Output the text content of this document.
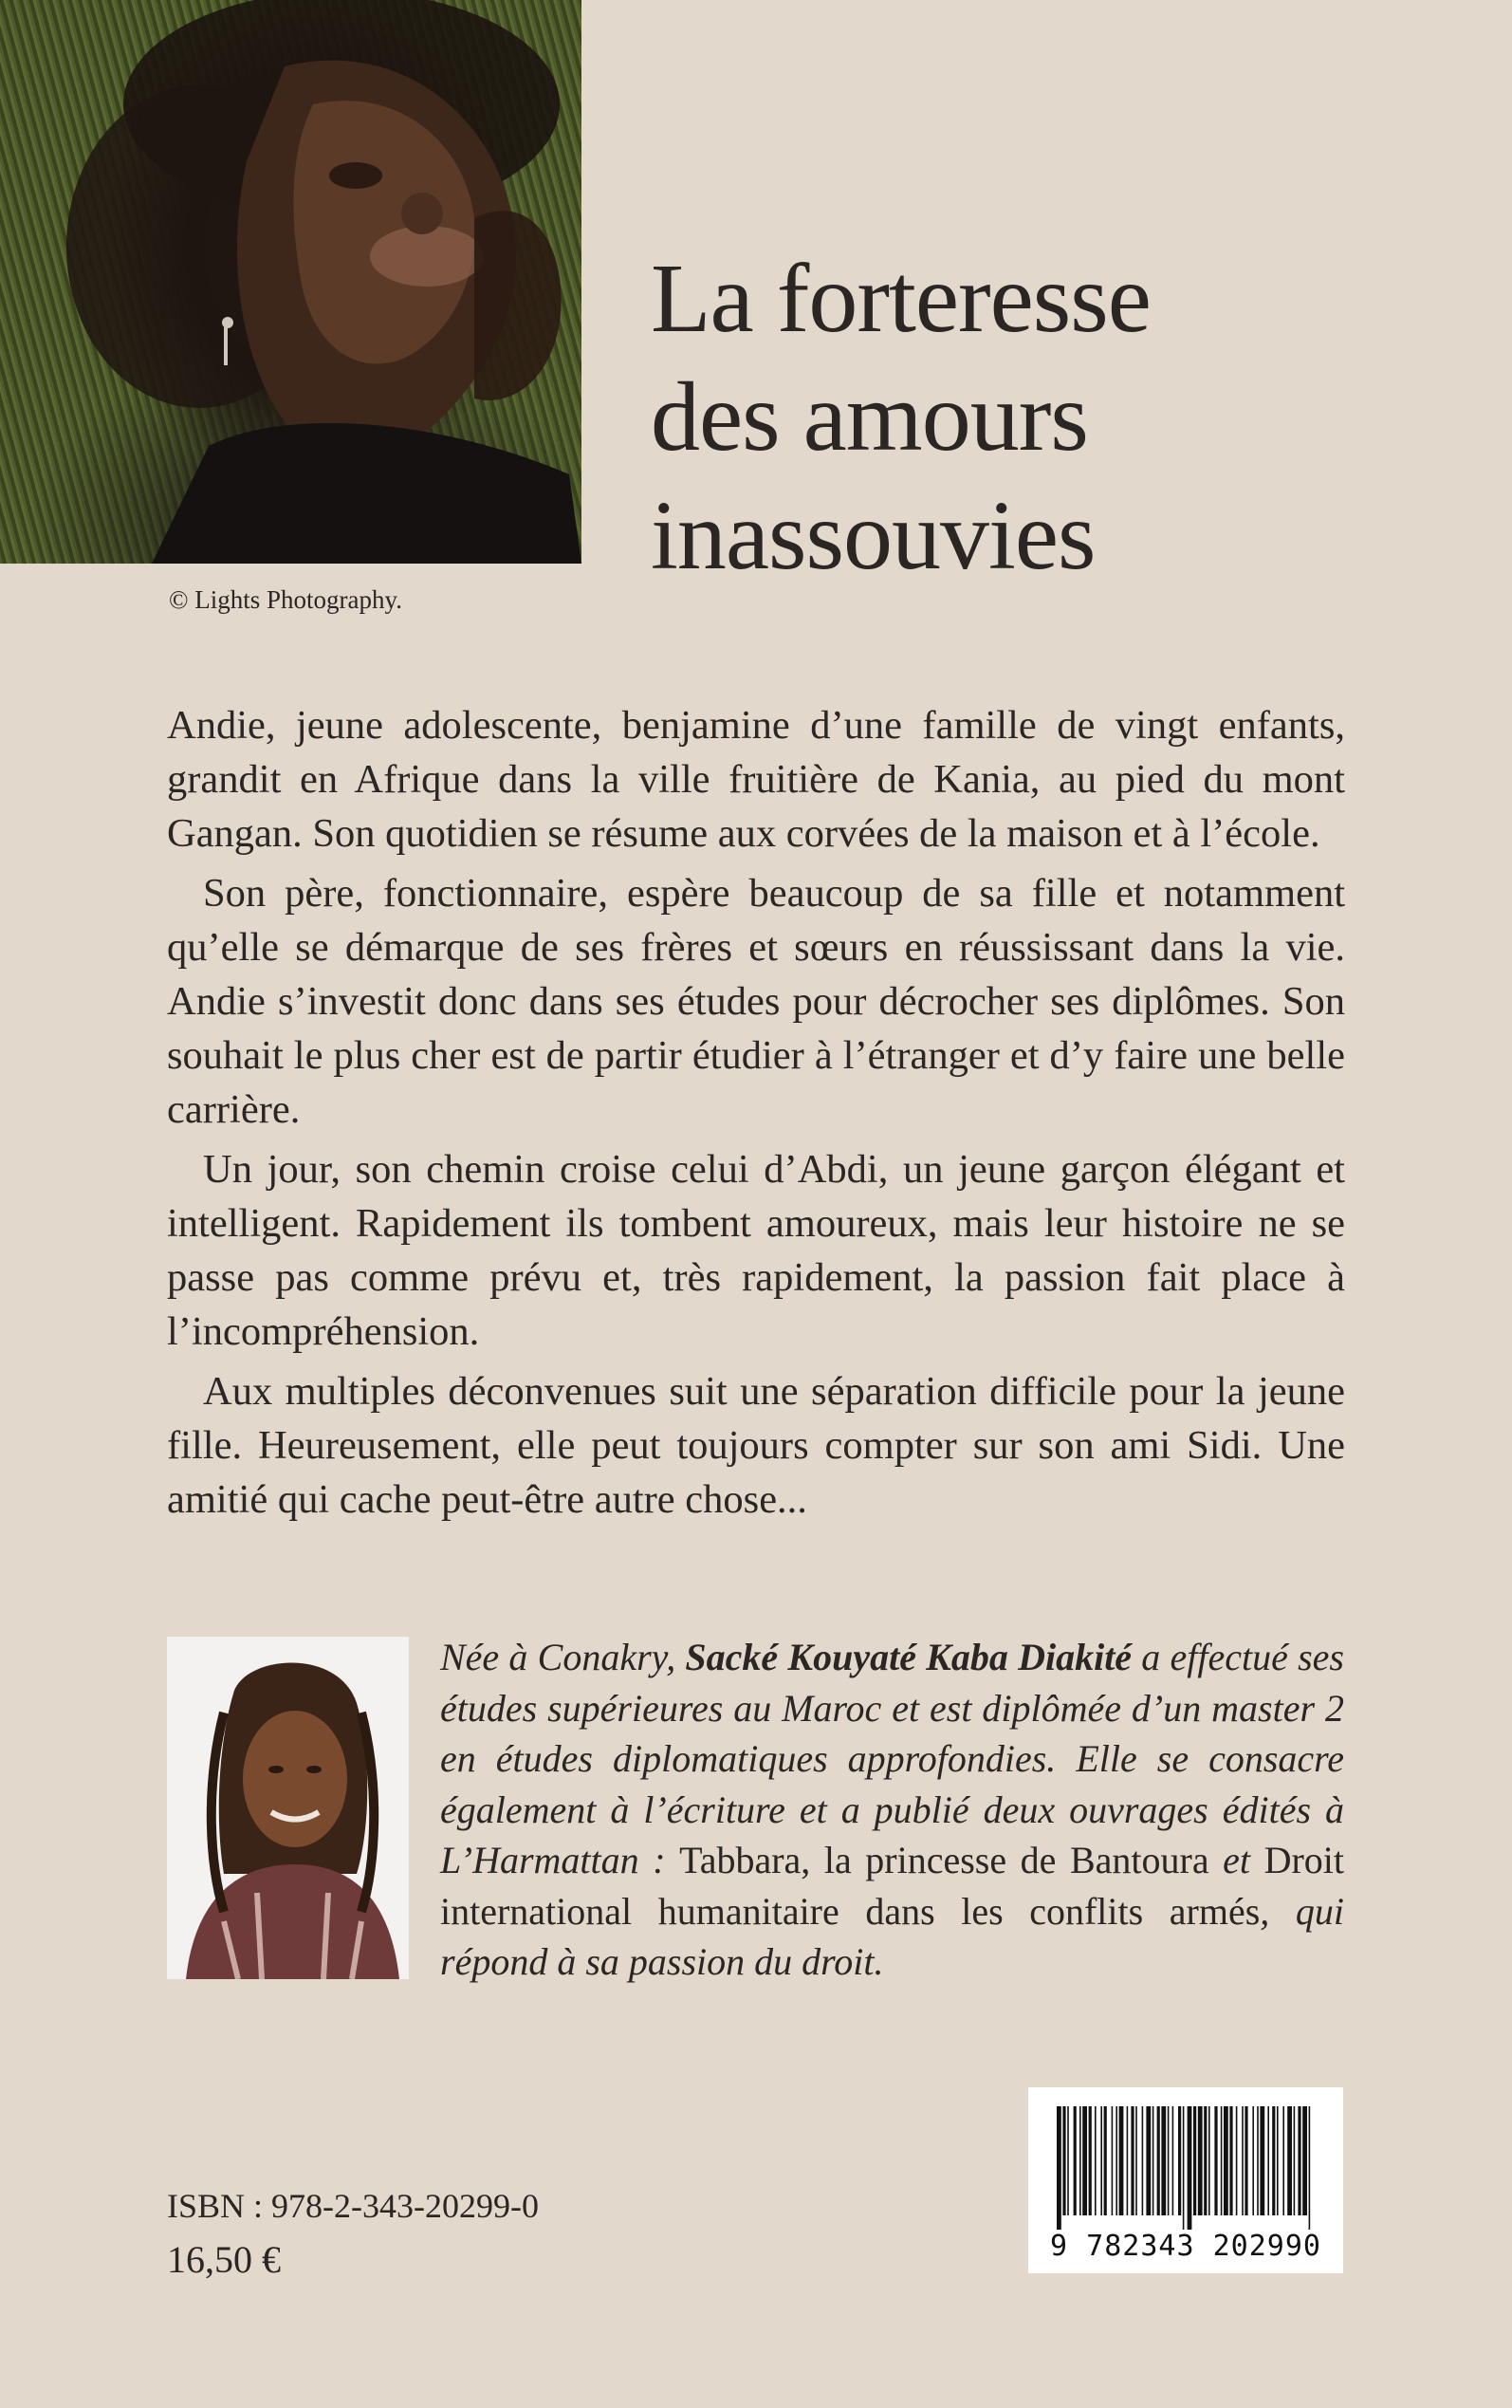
© Lights Photography.
La forteresse
des amours
inassouvies

Andie, jeune adolescente, benjamine d’une famille de vingt enfants, grandit en Afrique dans la ville fruitière de Kania, au pied du mont Gangan. Son quotidien se résume aux corvées de la maison et à l’école.

Son père, fonctionnaire, espère beaucoup de sa fille et notamment qu’elle se démarque de ses frères et sœurs en réussissant dans la vie. Andie s’investit donc dans ses études pour décrocher ses diplômes. Son souhait le plus cher est de partir étudier à l’étranger et d’y faire une belle carrière.

Un jour, son chemin croise celui d’Abdi, un jeune garçon élégant et intelligent. Rapidement ils tombent amoureux, mais leur histoire ne se passe pas comme prévu et, très rapidement, la passion fait place à l’incompréhension.

Aux multiples déconvenues suit une séparation difficile pour la jeune fille. Heureusement, elle peut toujours compter sur son ami Sidi. Une amitié qui cache peut-être autre chose...

Née à Conakry, Sacké Kouyaté Kaba Diakité a effectué ses études supérieures au Maroc et est diplômée d’un master 2 en études diplomatiques approfondies. Elle se consacre également à l’écriture et a publié deux ouvrages édités à L’Harmattan : Tabbara, la princesse de Bantoura et Droit international humanitaire dans les conflits armés, qui répond à sa passion du droit.
ISBN : 978-2-343-20299-0
16,50 €	9 782343 202990
